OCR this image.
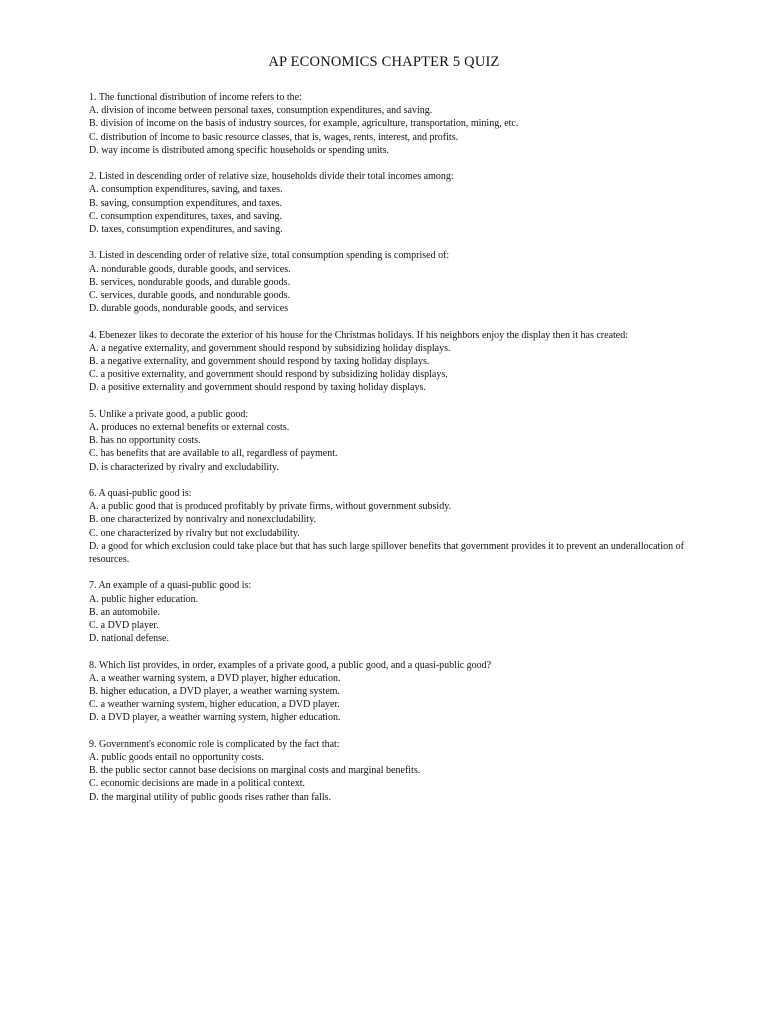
AP ECONOMICS CHAPTER 5 QUIZ
1. The functional distribution of income refers to the:
A. division of income between personal taxes, consumption expenditures, and saving.
B. division of income on the basis of industry sources, for example, agriculture, transportation, mining, etc.
C. distribution of income to basic resource classes, that is, wages, rents, interest, and profits.
D. way income is distributed among specific households or spending units.
2. Listed in descending order of relative size, households divide their total incomes among:
A. consumption expenditures, saving, and taxes.
B. saving, consumption expenditures, and taxes.
C. consumption expenditures, taxes, and saving.
D. taxes, consumption expenditures, and saving.
3. Listed in descending order of relative size, total consumption spending is comprised of:
A. nondurable goods, durable goods, and services.
B. services, nondurable goods, and durable goods.
C. services, durable goods, and nondurable goods.
D. durable goods, nondurable goods, and services
4. Ebenezer likes to decorate the exterior of his house for the Christmas holidays. If his neighbors enjoy the display then it has created:
A. a negative externality, and government should respond by subsidizing holiday displays.
B. a negative externality, and government should respond by taxing holiday displays.
C. a positive externality, and government should respond by subsidizing holiday displays.
D. a positive externality and government should respond by taxing holiday displays.
5. Unlike a private good, a public good:
A. produces no external benefits or external costs.
B. has no opportunity costs.
C. has benefits that are available to all, regardless of payment.
D. is characterized by rivalry and excludability.
6. A quasi-public good is:
A. a public good that is produced profitably by private firms, without government subsidy.
B. one characterized by nonrivalry and nonexcludability.
C. one characterized by rivalry but not excludability.
D. a good for which exclusion could take place but that has such large spillover benefits that government provides it to prevent an underallocation of resources.
7. An example of a quasi-public good is:
A. public higher education.
B. an automobile.
C. a DVD player.
D. national defense.
8. Which list provides, in order, examples of a private good, a public good, and a quasi-public good?
A. a weather warning system, a DVD player, higher education.
B. higher education, a DVD player, a weather warning system.
C. a weather warning system, higher education, a DVD player.
D. a DVD player, a weather warning system, higher education.
9. Government's economic role is complicated by the fact that:
A. public goods entail no opportunity costs.
B. the public sector cannot base decisions on marginal costs and marginal benefits.
C. economic decisions are made in a political context.
D. the marginal utility of public goods rises rather than falls.
